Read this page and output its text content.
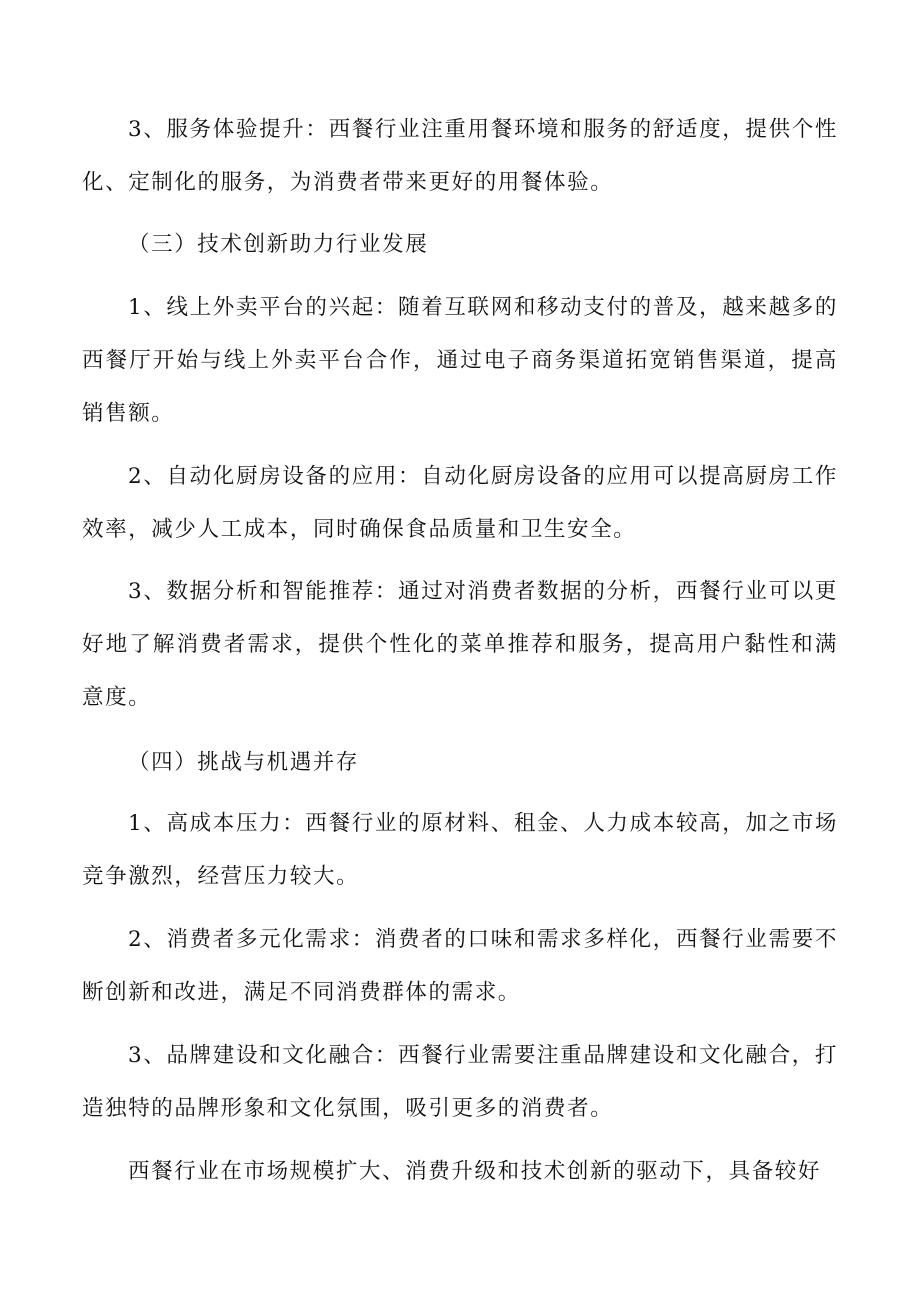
3、服务体验提升：西餐行业注重用餐环境和服务的舒适度，提供个性化、定制化的服务，为消费者带来更好的用餐体验。

（三）技术创新助力行业发展

1、线上外卖平台的兴起：随着互联网和移动支付的普及，越来越多的西餐厅开始与线上外卖平台合作，通过电子商务渠道拓宽销售渠道，提高销售额。

2、自动化厨房设备的应用：自动化厨房设备的应用可以提高厨房工作效率，减少人工成本，同时确保食品质量和卫生安全。

3、数据分析和智能推荐：通过对消费者数据的分析，西餐行业可以更好地了解消费者需求，提供个性化的菜单推荐和服务，提高用户黏性和满意度。

（四）挑战与机遇并存

1、高成本压力：西餐行业的原材料、租金、人力成本较高，加之市场竞争激烈，经营压力较大。

2、消费者多元化需求：消费者的口味和需求多样化，西餐行业需要不断创新和改进，满足不同消费群体的需求。

3、品牌建设和文化融合：西餐行业需要注重品牌建设和文化融合，打造独特的品牌形象和文化氛围，吸引更多的消费者。

西餐行业在市场规模扩大、消费升级和技术创新的驱动下，具备较好
